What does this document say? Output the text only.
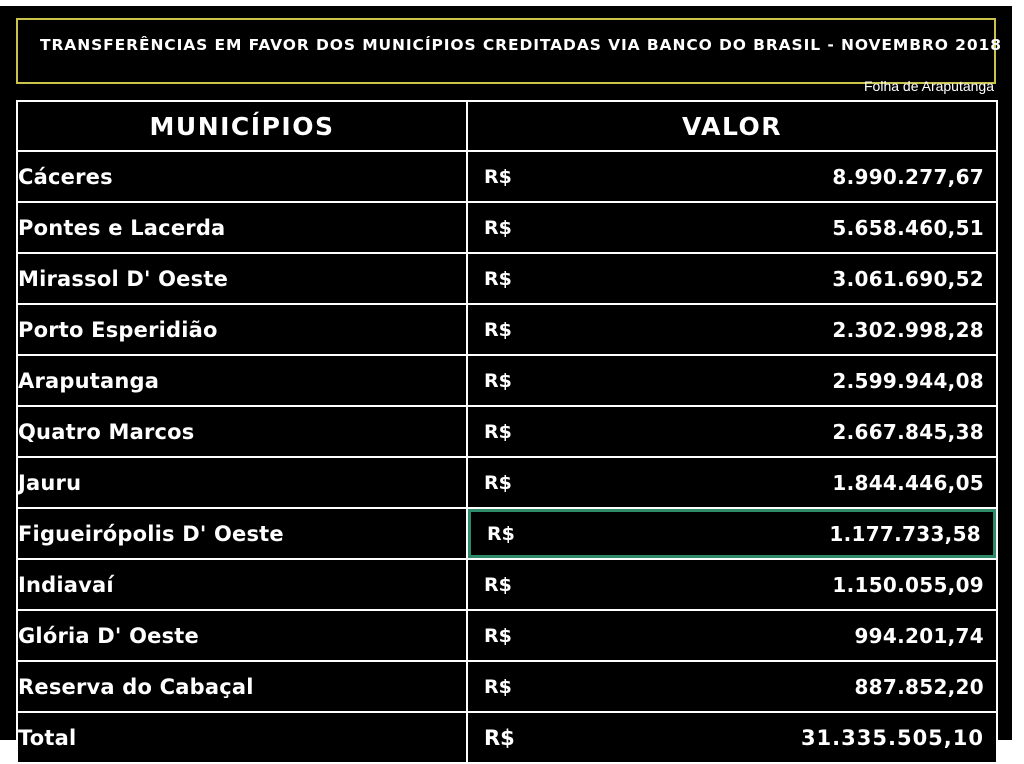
TRANSFERÊNCIAS EM FAVOR DOS MUNICÍPIOS CREDITADAS VIA BANCO DO BRASIL - NOVEMBRO 2018
Folha de Araputanga
MUNICÍPIOS	VALOR
Cáceres	R$ 8.990.277,67

Pontes e Lacerda	R$ 5.658.460,51

Mirassol D' Oeste	R$ 3.061.690,52

Porto Esperidião	R$ 2.302.998,28

Araputanga	R$ 2.599.944,08

Quatro Marcos	R$ 2.667.845,38

Jauru	R$ 1.844.446,05

Figueirópolis D' Oeste	R$ 1.177.733,58

Indiavaí	R$ 1.150.055,09

Glória D' Oeste	R$ 994.201,74

Reserva do Cabaçal	R$ 887.852,20

Total	R$ 31.335.505,10
